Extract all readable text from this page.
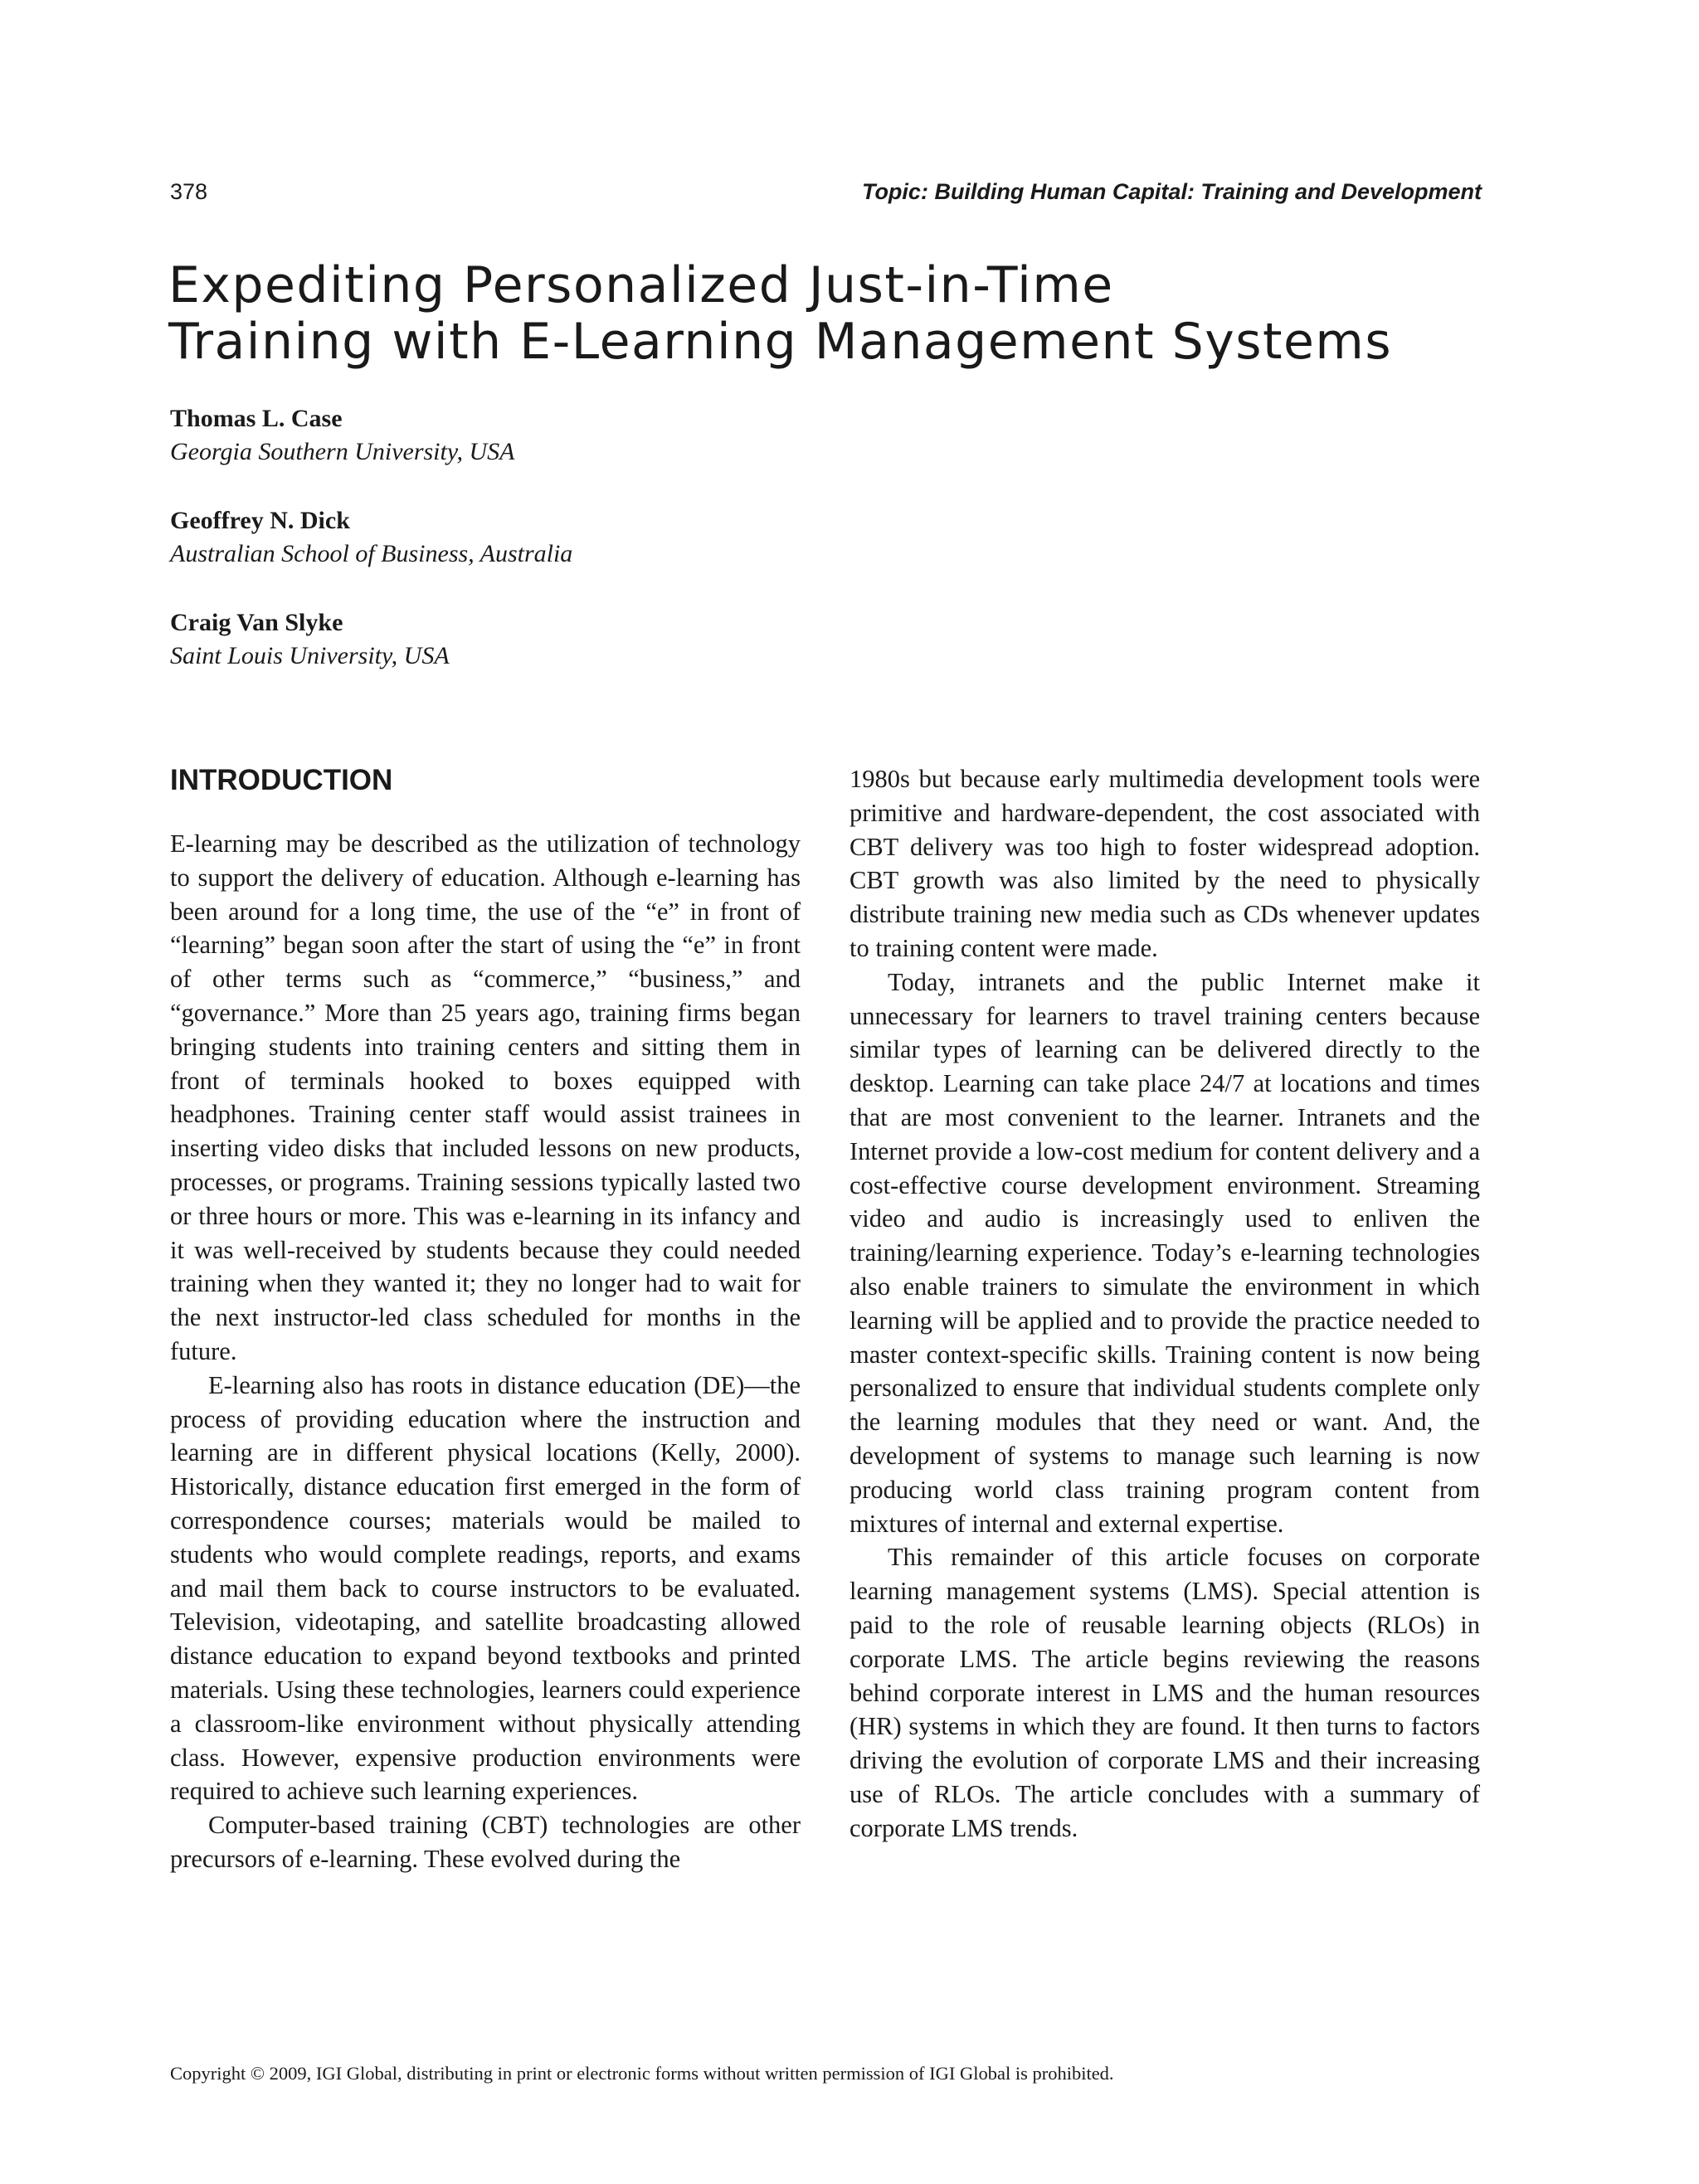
378	Topic: Building Human Capital: Training and Development
Expediting Personalized Just-in-Time
Training with E-Learning Management Systems
Thomas L. Case
Georgia Southern University, USA
Geoffrey N. Dick
Australian School of Business, Australia
Craig Van Slyke
Saint Louis University, USA
INTRODUCTION

E-learning may be described as the utilization of technology to support the delivery of education. Although e-learning has been around for a long time, the use of the “e” in front of “learning” began soon after the start of using the “e” in front of other terms such as “commerce,” “business,” and “governance.” More than 25 years ago, training firms began bringing students into training centers and sitting them in front of terminals hooked to boxes equipped with headphones. Training center staff would assist trainees in inserting video disks that included lessons on new products, processes, or programs. Training sessions typically lasted two or three hours or more. This was e-learning in its infancy and it was well-received by students because they could needed training when they wanted it; they no longer had to wait for the next instructor-led class scheduled for months in the future.

E-learning also has roots in distance education (DE)—the process of providing education where the instruction and learning are in different physical locations (Kelly, 2000). Historically, distance education first emerged in the form of correspondence courses; materials would be mailed to students who would complete readings, reports, and exams and mail them back to course instructors to be evaluated. Television, videotaping, and satellite broadcasting allowed distance education to expand beyond textbooks and printed materials. Using these technologies, learners could experience a classroom-like environment without physically attending class. However, expensive production environments were required to achieve such learning experiences.

Computer-based training (CBT) technologies are other precursors of e-learning. These evolved during the

1980s but because early multimedia development tools were primitive and hardware-dependent, the cost associated with CBT delivery was too high to foster widespread adoption. CBT growth was also limited by the need to physically distribute training new media such as CDs whenever updates to training content were made.

Today, intranets and the public Internet make it unnecessary for learners to travel training centers because similar types of learning can be delivered directly to the desktop. Learning can take place 24/7 at locations and times that are most convenient to the learner. Intranets and the Internet provide a low-cost medium for content delivery and a cost-effective course development environment. Streaming video and audio is increasingly used to enliven the training/learning experience. Today’s e-learning technologies also enable trainers to simulate the environment in which learning will be applied and to provide the practice needed to master context-specific skills. Training content is now being personalized to ensure that individual students complete only the learning modules that they need or want. And, the development of systems to manage such learning is now producing world class training program content from mixtures of internal and external expertise.

This remainder of this article focuses on corporate learning management systems (LMS). Special attention is paid to the role of reusable learning objects (RLOs) in corporate LMS. The article begins reviewing the reasons behind corporate interest in LMS and the human resources (HR) systems in which they are found. It then turns to factors driving the evolution of corporate LMS and their increasing use of RLOs. The article concludes with a summary of corporate LMS trends.

Copyright © 2009, IGI Global, distributing in print or electronic forms without written permission of IGI Global is prohibited.
